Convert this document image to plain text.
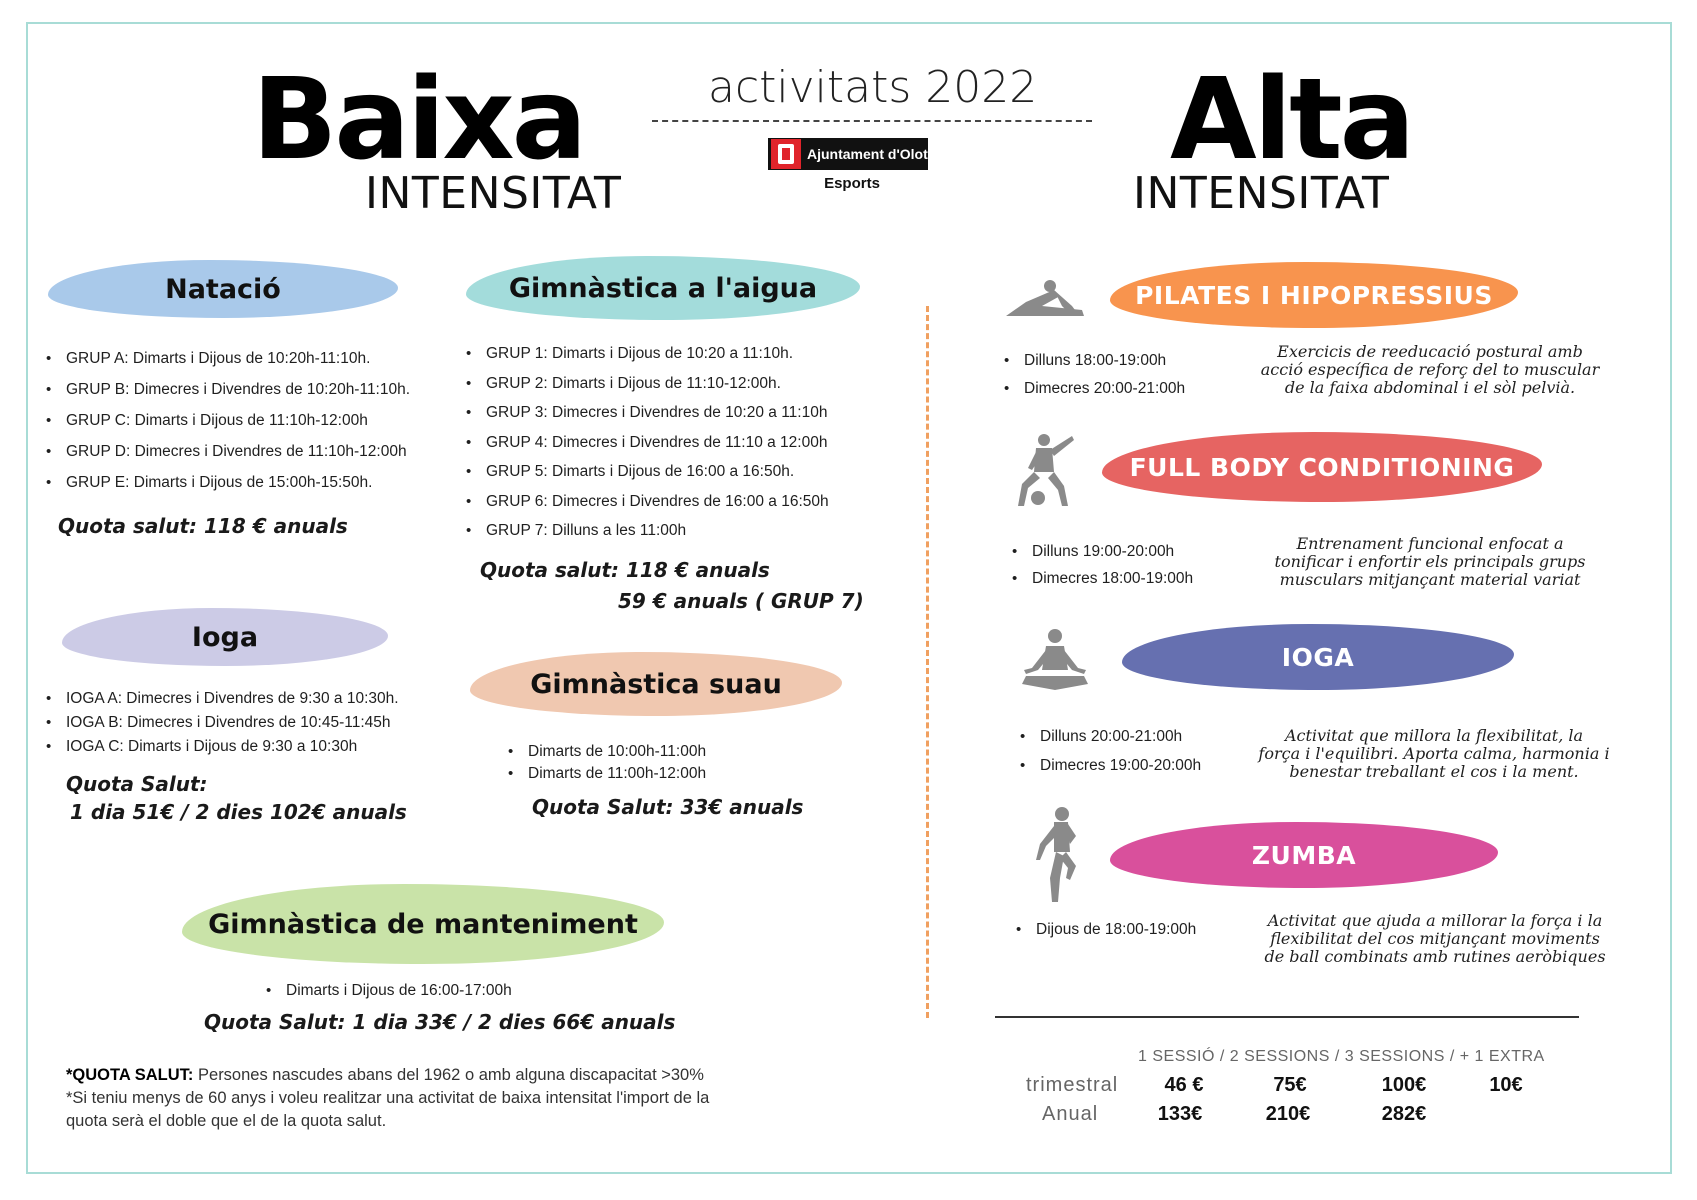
Baixa
INTENSITAT
activitats 2022
Ajuntament d'Olot
Esports	Alta
INTENSITAT
Natació
• GRUP A: Dimarts i Dijous de 10:20h-11:10h.
• GRUP B: Dimecres i Divendres de 10:20h-11:10h.
• GRUP C: Dimarts i Dijous de 11:10h-12:00h
• GRUP D: Dimecres i Divendres de 11:10h-12:00h
• GRUP E: Dimarts i Dijous de 15:00h-15:50h.
Quota salut: 118 € anuals
Gimnàstica a l'aigua
• GRUP 1: Dimarts i Dijous de 10:20 a 11:10h.
• GRUP 2: Dimarts i Dijous de 11:10-12:00h.
• GRUP 3: Dimecres i Divendres de 10:20 a 11:10h
• GRUP 4: Dimecres i Divendres de 11:10 a 12:00h
• GRUP 5: Dimarts i Dijous de 16:00 a 16:50h.
• GRUP 6: Dimecres i Divendres de 16:00 a 16:50h
• GRUP 7: Dilluns a les 11:00h
Quota salut: 118 € anuals
59 € anuals ( GRUP 7)
Ioga
• IOGA A: Dimecres i Divendres de 9:30 a 10:30h.
• IOGA B: Dimecres i Divendres de 10:45-11:45h
• IOGA C: Dimarts i Dijous de 9:30 a 10:30h
Quota Salut:
1 dia 51€ / 2 dies 102€ anuals
Gimnàstica suau
• Dimarts de 10:00h-11:00h
• Dimarts de 11:00h-12:00h
Quota Salut: 33€ anuals
Gimnàstica de manteniment
• Dimarts i Dijous de 16:00-17:00h
Quota Salut: 1 dia 33€ / 2 dies 66€ anuals
*QUOTA SALUT: Persones nascudes abans del 1962 o amb alguna discapacitat >30%
*Si teniu menys de 60 anys i voleu realitzar una activitat de baixa intensitat l'import de la
quota serà el doble que el de la quota salut.
PILATES I HIPOPRESSIUS
• Dilluns 18:00-19:00h
• Dimecres 20:00-21:00h
Exercicis de reeducació postural amb
acció específica de reforç del to muscular
de la faixa abdominal i el sòl pelvià.
FULL BODY CONDITIONING
• Dilluns 19:00-20:00h
• Dimecres 18:00-19:00h
Entrenament funcional enfocat a
tonificar i enfortir els principals grups
musculars mitjançant material variat
IOGA
• Dilluns 20:00-21:00h
• Dimecres 19:00-20:00h
Activitat que millora la flexibilitat, la
força i l'equilibri. Aporta calma, harmonia i
benestar treballant el cos i la ment.
ZUMBA
• Dijous de 18:00-19:00h	Activitat que ajuda a millorar la força i la
flexibilitat del cos mitjançant moviments
de ball combinats amb rutines aeròbiques
1 SESSIÓ / 2 SESSIONS / 3 SESSIONS / + 1 EXTRA
trimestral	46 €	75€	100€	10€
Anual	133€	210€	282€
